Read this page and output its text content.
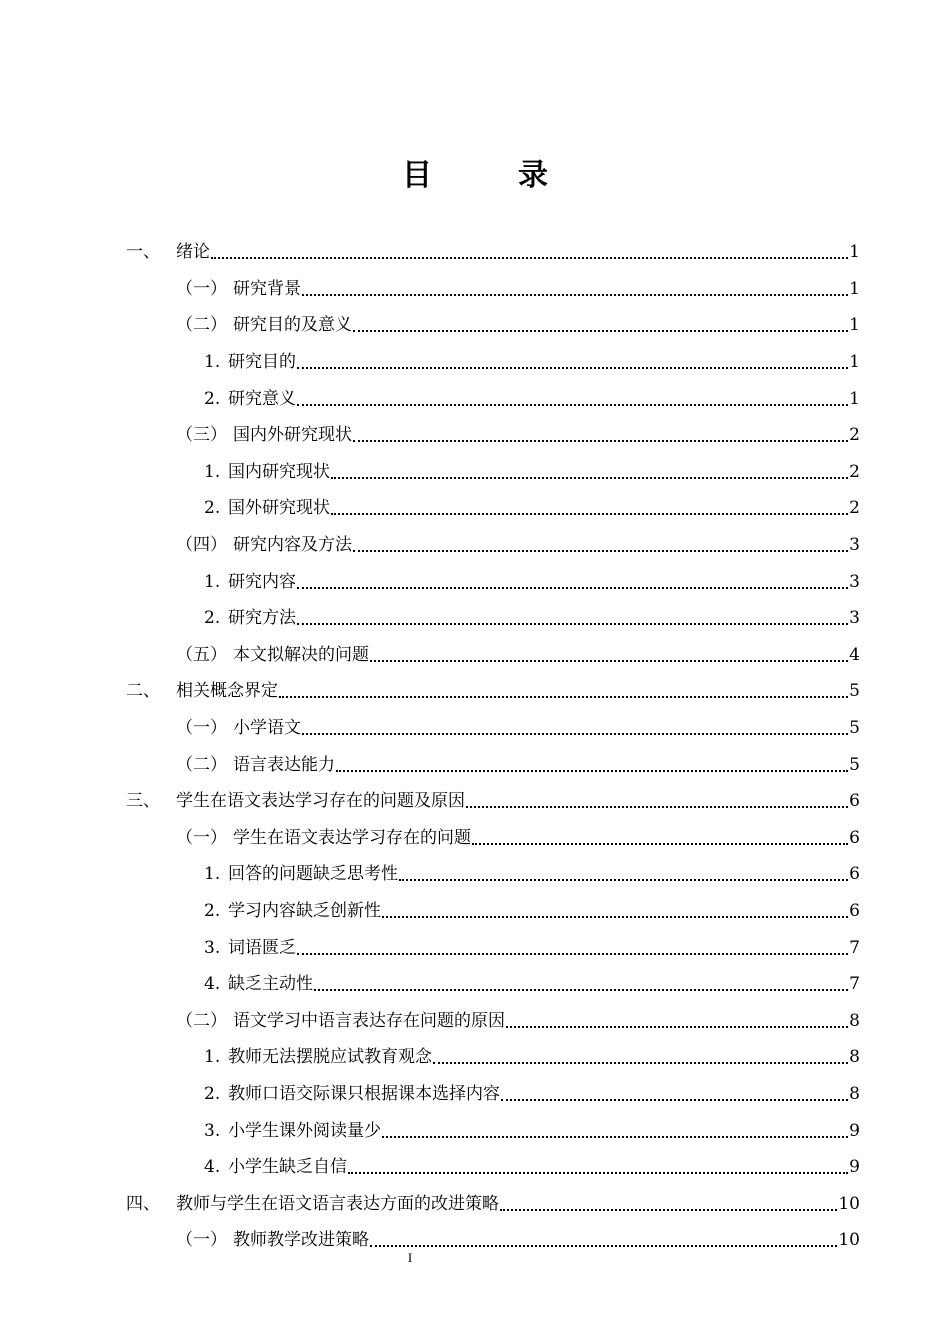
目　录
一、 绪论	1
（一） 研究背景	1
（二） 研究目的及意义	1
1. 研究目的	1
2. 研究意义	1
（三） 国内外研究现状	2
1. 国内研究现状	2
2. 国外研究现状	2
（四） 研究内容及方法	3
1. 研究内容	3
2. 研究方法	3
（五） 本文拟解决的问题	4
二、 相关概念界定	5
（一） 小学语文	5
（二） 语言表达能力	5
三、 学生在语文表达学习存在的问题及原因	6
（一） 学生在语文表达学习存在的问题	6
1. 回答的问题缺乏思考性	6
2. 学习内容缺乏创新性	6
3. 词语匮乏	7
4. 缺乏主动性	7
（二） 语文学习中语言表达存在问题的原因	8
1. 教师无法摆脱应试教育观念	8
2. 教师口语交际课只根据课本选择内容	8
3. 小学生课外阅读量少	9
4. 小学生缺乏自信	9
四、 教师与学生在语文语言表达方面的改进策略	10
（一） 教师教学改进策略	10
I
